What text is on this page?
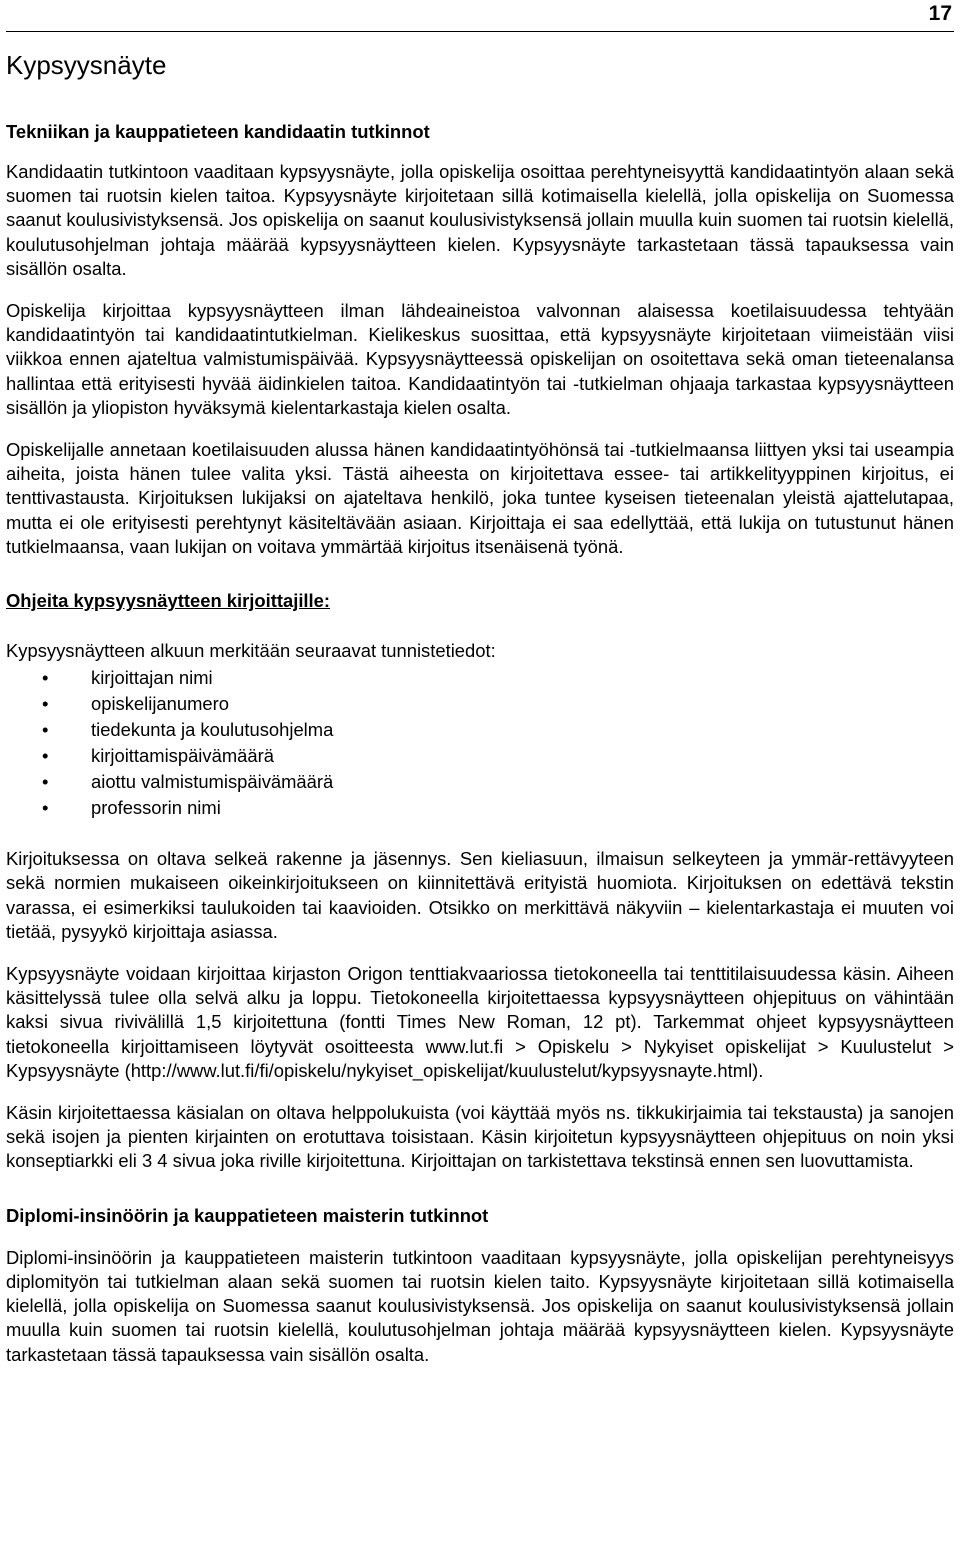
17
Kypsyysnäyte
Tekniikan ja kauppatieteen kandidaatin tutkinnot

Kandidaatin tutkintoon vaaditaan kypsyysnäyte, jolla opiskelija osoittaa perehtyneisyyttä kandidaatintyön alaan sekä suomen tai ruotsin kielen taitoa. Kypsyysnäyte kirjoitetaan sillä kotimaisella kielellä, jolla opiskelija on Suomessa saanut koulusivistyksensä. Jos opiskelija on saanut koulusivistyksensä jollain muulla kuin suomen tai ruotsin kielellä, koulutusohjelman johtaja määrää kypsyysnäytteen kielen. Kypsyysnäyte tarkastetaan tässä tapauksessa vain sisällön osalta.

Opiskelija kirjoittaa kypsyysnäytteen ilman lähdeaineistoa valvonnan alaisessa koetilaisuudessa tehtyään kandidaatintyön tai kandidaatintutkielman. Kielikeskus suosittaa, että kypsyysnäyte kirjoitetaan viimeistään viisi viikkoa ennen ajateltua valmistumispäivää. Kypsyysnäytteessä opiskelijan on osoitettava sekä oman tieteenalansa hallintaa että erityisesti hyvää äidinkielen taitoa. Kandidaatintyön tai -tutkielman ohjaaja tarkastaa kypsyysnäytteen sisällön ja yliopiston hyväksymä kielentarkastaja kielen osalta.

Opiskelijalle annetaan koetilaisuuden alussa hänen kandidaatintyöhönsä tai -tutkielmaansa liittyen yksi tai useampia aiheita, joista hänen tulee valita yksi. Tästä aiheesta on kirjoitettava essee- tai artikkelityyppinen kirjoitus, ei tenttivastausta. Kirjoituksen lukijaksi on ajateltava henkilö, joka tuntee kyseisen tieteenalan yleistä ajattelutapaa, mutta ei ole erityisesti perehtynyt käsiteltävään asiaan. Kirjoittaja ei saa edellyttää, että lukija on tutustunut hänen tutkielmaansa, vaan lukijan on voitava ymmärtää kirjoitus itsenäisenä työnä.

Ohjeita kypsyysnäytteen kirjoittajille:

Kypsyysnäytteen alkuun merkitään seuraavat tunnistetiedot:

• kirjoittajan nimi
• opiskelijanumero
• tiedekunta ja koulutusohjelma
• kirjoittamispäivämäärä
• aiottu valmistumispäivämäärä
• professorin nimi

Kirjoituksessa on oltava selkeä rakenne ja jäsennys. Sen kieliasuun, ilmaisun selkeyteen ja ymmär-rettävyyteen sekä normien mukaiseen oikeinkirjoitukseen on kiinnitettävä erityistä huomiota. Kirjoituksen on edettävä tekstin varassa, ei esimerkiksi taulukoiden tai kaavioiden. Otsikko on merkittävä näkyviin – kielentarkastaja ei muuten voi tietää, pysyykö kirjoittaja asiassa.

Kypsyysnäyte voidaan kirjoittaa kirjaston Origon tenttiakvaariossa tietokoneella tai tenttitilaisuudessa käsin. Aiheen käsittelyssä tulee olla selvä alku ja loppu. Tietokoneella kirjoitettaessa kypsyysnäytteen ohjepituus on vähintään kaksi sivua rivivälillä 1,5 kirjoitettuna (fontti Times New Roman, 12 pt). Tarkemmat ohjeet kypsyysnäytteen tietokoneella kirjoittamiseen löytyvät osoitteesta www.lut.fi > Opiskelu > Nykyiset opiskelijat > Kuulustelut > Kypsyysnäyte (http://www.lut.fi/fi/opiskelu/nykyiset_opiskelijat/kuulustelut/kypsyysnayte.html).

Käsin kirjoitettaessa käsialan on oltava helppolukuista (voi käyttää myös ns. tikkukirjaimia tai tekstausta) ja sanojen sekä isojen ja pienten kirjainten on erotuttava toisistaan. Käsin kirjoitetun kypsyysnäytteen ohjepituus on noin yksi konseptiarkki eli 3 4 sivua joka riville kirjoitettuna. Kirjoittajan on tarkistettava tekstinsä ennen sen luovuttamista.

Diplomi-insinöörin ja kauppatieteen maisterin tutkinnot

Diplomi-insinöörin ja kauppatieteen maisterin tutkintoon vaaditaan kypsyysnäyte, jolla opiskelijan perehtyneisyys diplomityön tai tutkielman alaan sekä suomen tai ruotsin kielen taito. Kypsyysnäyte kirjoitetaan sillä kotimaisella kielellä, jolla opiskelija on Suomessa saanut koulusivistyksensä. Jos opiskelija on saanut koulusivistyksensä jollain muulla kuin suomen tai ruotsin kielellä, koulutusohjelman johtaja määrää kypsyysnäytteen kielen. Kypsyysnäyte tarkastetaan tässä tapauksessa vain sisällön osalta.
